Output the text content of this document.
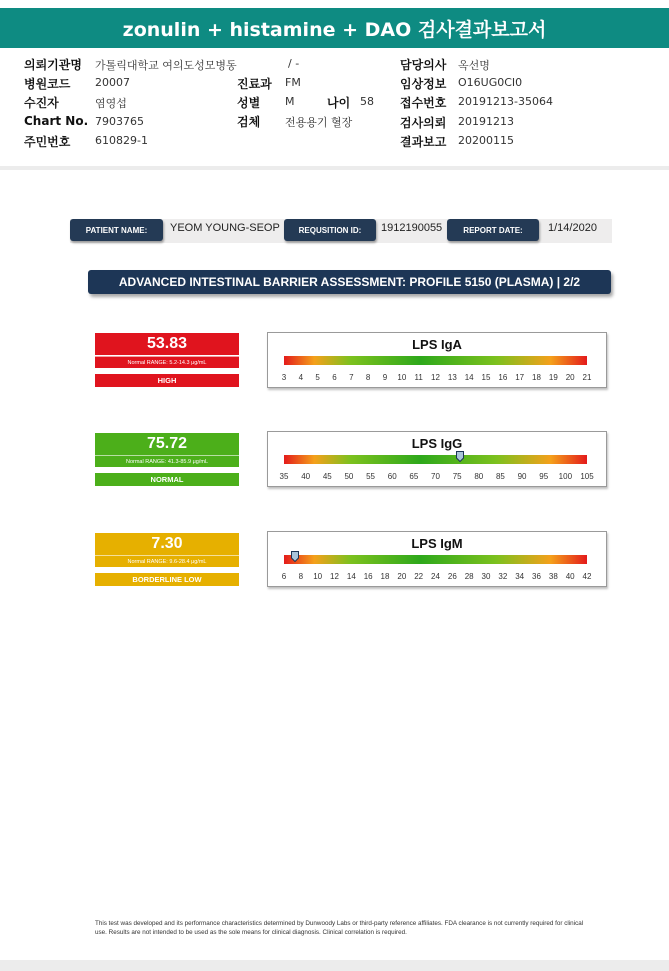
zonulin + histamine + DAO 검사결과보고서
의뢰기관명 가톨릭대학교 여의도성모병동	/ -	담당의사 옥선명
병원코드 20007	진료과 FM	임상정보 O16UG0CI0
수진자	염영섭	성별 M	나이 58 접수번호 20191213-35064
Chart No. 7903765	검체 전용용기 혈장	검사의뢰 20191213
주민번호 610829-1	결과보고 20200115
PATIENT NAME:	YEOM YOUNG-SEOP	REQUSITION ID:	1912190055	REPORT DATE:	1/14/2020
ADVANCED INTESTINAL BARRIER ASSESSMENT: PROFILE 5150 (PLASMA) | 2/2
53.83
Normal RANGE: 5.2-14.3 μg/mL
HIGH
LPS IgA
3 4 5 6 7 8 9 10 11 12 13 14 15 16 17 18 19 20 21
75.72
Normal RANGE: 41.3-85.9 μg/mL
NORMAL
LPS IgG
35 40 45 50 55 60 65 70 75 80 85 90 95 100 105
7.30
Normal RANGE: 9.6-28.4 μg/mL
BORDERLINE LOW
LPS IgM
6 8 10 12 14 16 18 20 22 24 26 28 30 32 34 36 38 40 42
This test was developed and its performance characteristics determined by Dunwoody Labs or third-party reference affiliates. FDA clearance is not currently required for clinical use. Results are not intended to be used as the sole means for clinical diagnosis. Clinical correlation is required.
